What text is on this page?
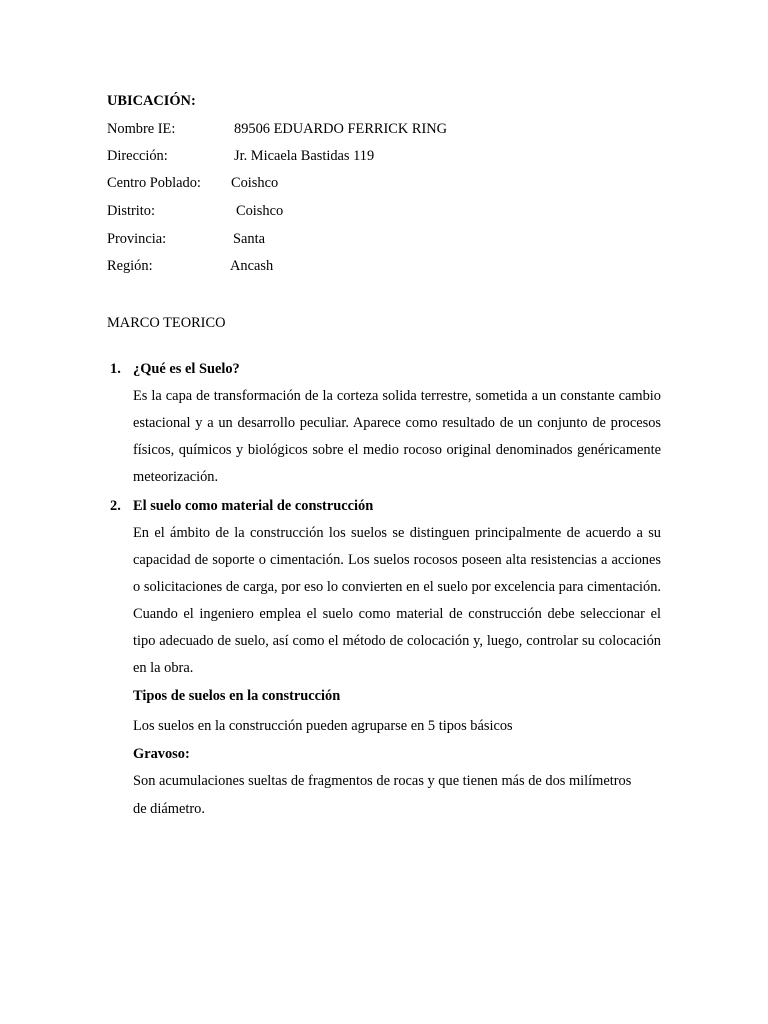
UBICACIÓN:
Nombre IE:	89506 EDUARDO FERRICK RING
Dirección:	Jr. Micaela Bastidas 119
Centro Poblado: Coishco
Distrito:	Coishco
Provincia:	Santa
Región:	Ancash
MARCO TEORICO
1. ¿Qué es el Suelo?

Es la capa de transformación de la corteza solida terrestre, sometida a un constante cambio estacional y a un desarrollo peculiar. Aparece como resultado de un conjunto de procesos físicos, químicos y biológicos sobre el medio rocoso original denominados genéricamente meteorización.

2. El suelo como material de construcción

En el ámbito de la construcción los suelos se distinguen principalmente de acuerdo a su capacidad de soporte o cimentación. Los suelos rocosos poseen alta resistencias a acciones o solicitaciones de carga, por eso lo convierten en el suelo por excelencia para cimentación. Cuando el ingeniero emplea el suelo como material de construcción debe seleccionar el tipo adecuado de suelo, así como el método de colocación y, luego, controlar su colocación en la obra.

Tipos de suelos en la construcción
Los suelos en la construcción pueden agruparse en 5 tipos básicos
Gravoso:
Son acumulaciones sueltas de fragmentos de rocas y que tienen más de dos milímetros
de diámetro.
